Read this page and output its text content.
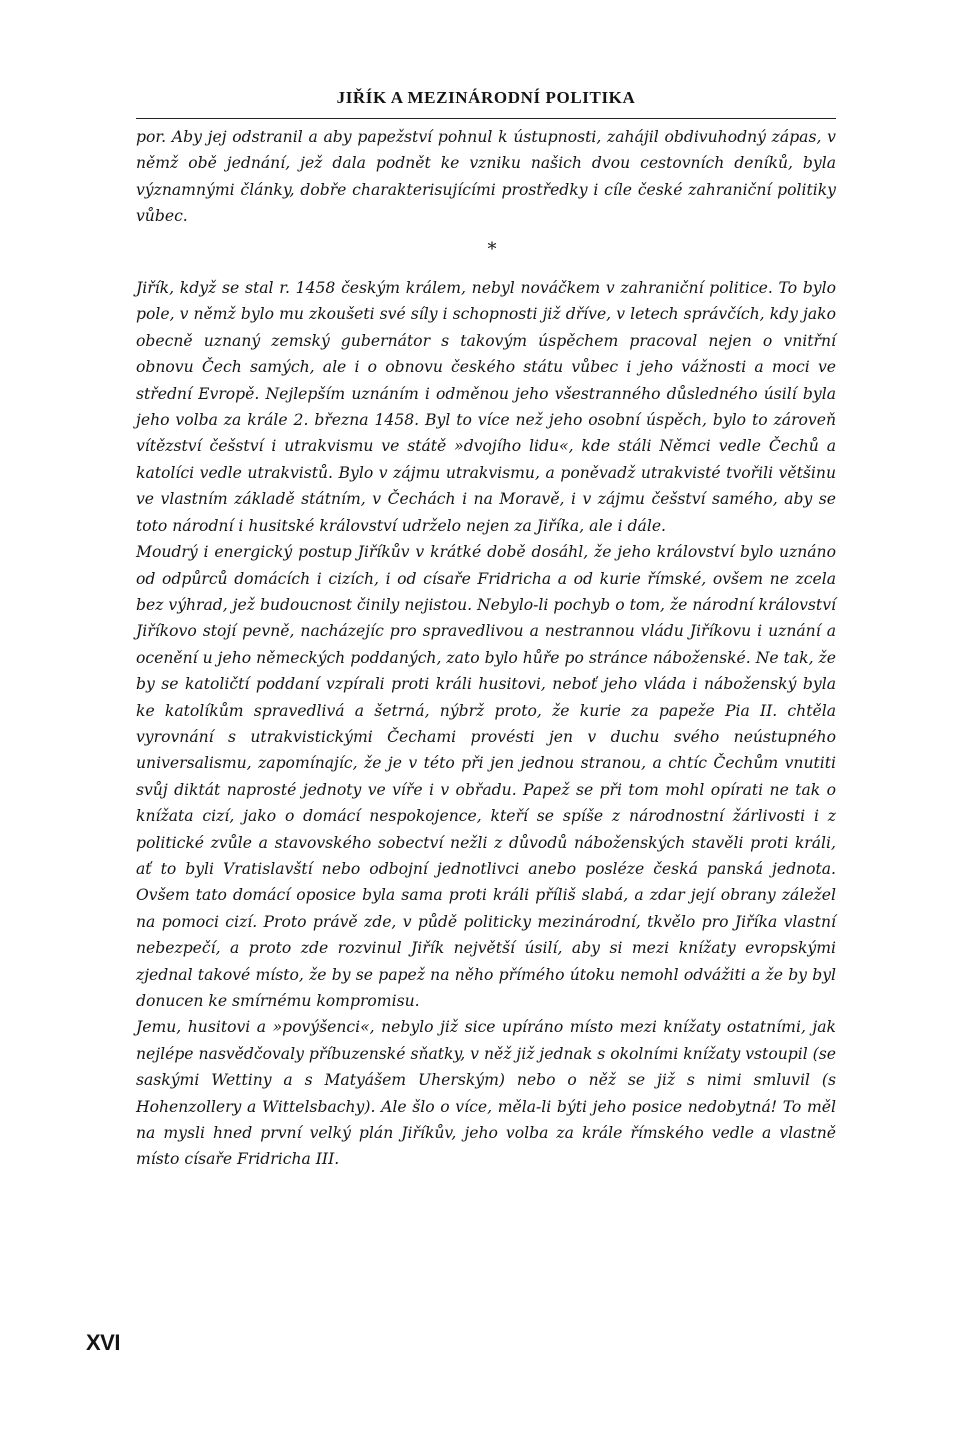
JIŘÍK A MEZINÁRODNÍ POLITIKA

por. Aby jej odstranil a aby papežství pohnul k ústupnosti, zahájil obdivuhodný zápas, v němž obě jednání, jež dala podnět ke vzniku našich dvou cestovních deníků, byla významnými články, dobře charakterisujícími prostředky i cíle české zahraniční politiky vůbec.

*

Jiřík, když se stal r. 1458 českým králem, nebyl nováčkem v zahraniční politice. To bylo pole, v němž bylo mu zkoušeti své síly i schopnosti již dříve, v letech správčích, kdy jako obecně uznaný zemský gubernátor s takovým úspěchem pracoval nejen o vnitřní obnovu Čech samých, ale i o obnovu českého státu vůbec i jeho vážnosti a moci ve střední Evropě. Nejlepším uznáním i odměnou jeho všestranného důsledného úsilí byla jeho volba za krále 2. března 1458. Byl to více než jeho osobní úspěch, bylo to zároveň vítězství češství i utrakvismu ve státě »dvojího lidu«, kde stáli Němci vedle Čechů a katolíci vedle utrakvistů. Bylo v zájmu utrakvismu, a poněvadž utrakvisté tvořili většinu ve vlastním základě státním, v Čechách i na Moravě, i v zájmu češství samého, aby se toto národní i husitské království udrželo nejen za Jiříka, ale i dále.

Moudrý i energický postup Jiříkův v krátké době dosáhl, že jeho království bylo uznáno od odpůrců domácích i cizích, i od císaře Fridricha a od kurie římské, ovšem ne zcela bez výhrad, jež budoucnost činily nejistou. Nebylo-li pochyb o tom, že národní království Jiříkovo stojí pevně, nacházejíc pro spravedlivou a nestrannou vládu Jiříkovu i uznání a ocenění u jeho německých poddaných, zato bylo hůře po stránce náboženské. Ne tak, že by se katoličtí poddaní vzpírali proti králi husitovi, neboť jeho vláda i náboženský byla ke katolíkům spravedlivá a šetrná, nýbrž proto, že kurie za papeže Pia II. chtěla vyrovnání s utrakvistickými Čechami provésti jen v duchu svého neústupného universalismu, zapomínajíc, že je v této při jen jednou stranou, a chtíc Čechům vnutiti svůj diktát naprosté jednoty ve víře i v obřadu. Papež se při tom mohl opírati ne tak o knížata cizí, jako o domácí nespokojence, kteří se spíše z národnostní žárlivosti i z politické zvůle a stavovského sobectví nežli z důvodů náboženských stavěli proti králi, ať to byli Vratislavští nebo odbojní jednotlivci anebo posléze česká panská jednota. Ovšem tato domácí oposice byla sama proti králi příliš slabá, a zdar její obrany záležel na pomoci cizí. Proto právě zde, v půdě politicky mezinárodní, tkvělo pro Jiříka vlastní nebezpečí, a proto zde rozvinul Jiřík největší úsilí, aby si mezi knížaty evropskými zjednal takové místo, že by se papež na něho přímého útoku nemohl odvážiti a že by byl donucen ke smírnému kompromisu.

Jemu, husitovi a »povýšenci«, nebylo již sice upíráno místo mezi knížaty ostatními, jak nejlépe nasvědčovaly příbuzenské sňatky, v něž již jednak s okolními knížaty vstoupil (se saskými Wettiny a s Matyášem Uherským) nebo o něž se již s nimi smluvil (s Hohenzollery a Wittelsbachy). Ale šlo o více, měla-li býti jeho posice nedobytná! To měl na mysli hned první velký plán Jiříkův, jeho volba za krále římského vedle a vlastně místo císaře Fridricha III.

XVI
